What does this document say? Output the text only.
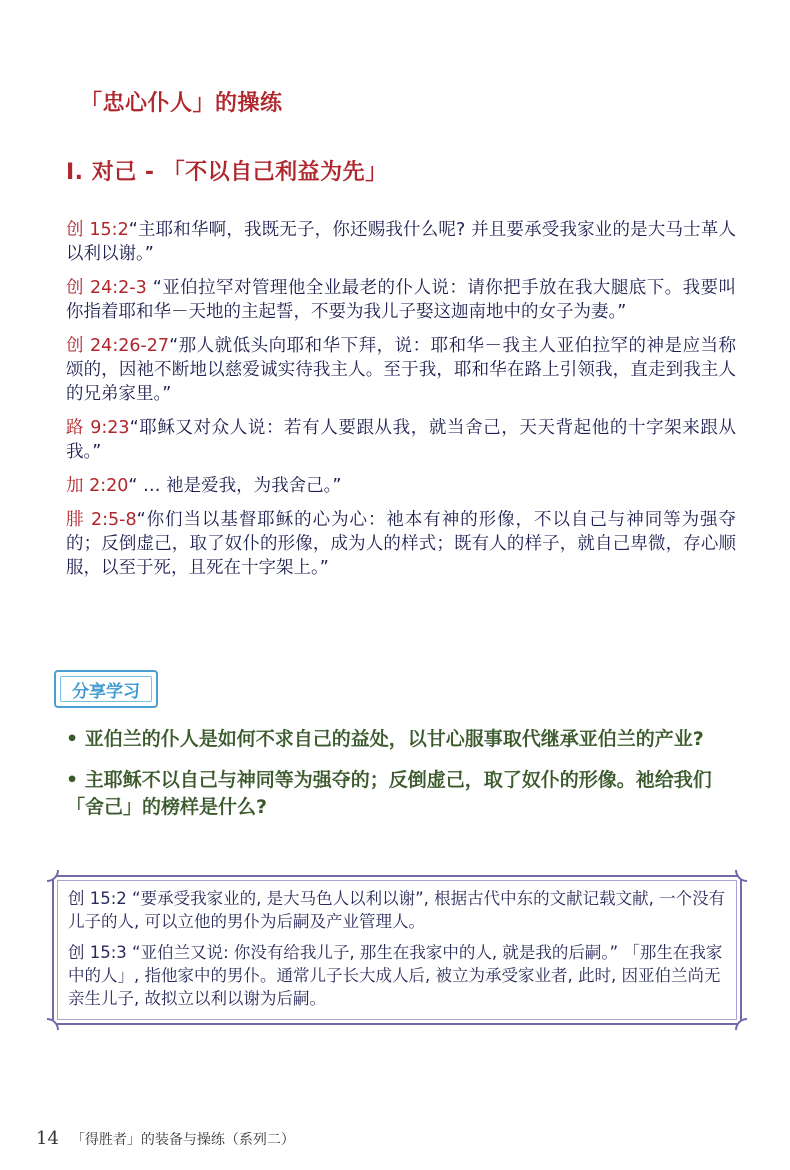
「忠心仆人」的操练
I. 对己 - 「不以自己利益为先」

创 15:2“主耶和华啊，我既无子，你还赐我什么呢? 并且要承受我家业的是大马士革人以利以谢。”

创 24:2-3 “亚伯拉罕对管理他全业最老的仆人说：请你把手放在我大腿底下。我要叫你指着耶和华－天地的主起誓，不要为我儿子娶这迦南地中的女子为妻。”

创 24:26-27“那人就低头向耶和华下拜，说：耶和华－我主人亚伯拉罕的神是应当称颂的，因祂不断地以慈爱诚实待我主人。至于我，耶和华在路上引领我，直走到我主人的兄弟家里。”

路 9:23“耶稣又对众人说：若有人要跟从我，就当舍己，天天背起他的十字架来跟从我。”

加 2:20“ … 祂是爱我，为我舍己。”

腓 2:5-8“你们当以基督耶稣的心为心：祂本有神的形像，不以自己与神同等为强夺的；反倒虚己，取了奴仆的形像，成为人的样式；既有人的样子，就自己卑微，存心顺服，以至于死，且死在十字架上。”

分享学习

• 亚伯兰的仆人是如何不求自己的益处，以甘心服事取代继承亚伯兰的产业?

• 主耶稣不以自己与神同等为强夺的；反倒虚己，取了奴仆的形像。祂给我们「舍己」的榜样是什么?

创 15:2 “要承受我家业的, 是大马色人以利以谢”, 根据古代中东的文献记载文献, 一个没有儿子的人, 可以立他的男仆为后嗣及产业管理人。

创 15:3 “亚伯兰又说: 你没有给我儿子, 那生在我家中的人, 就是我的后嗣。” 「那生在我家中的人」, 指他家中的男仆。通常儿子长大成人后, 被立为承受家业者, 此时, 因亚伯兰尚无亲生儿子, 故拟立以利以谢为后嗣。

14 「得胜者」的装备与操练（系列二）
